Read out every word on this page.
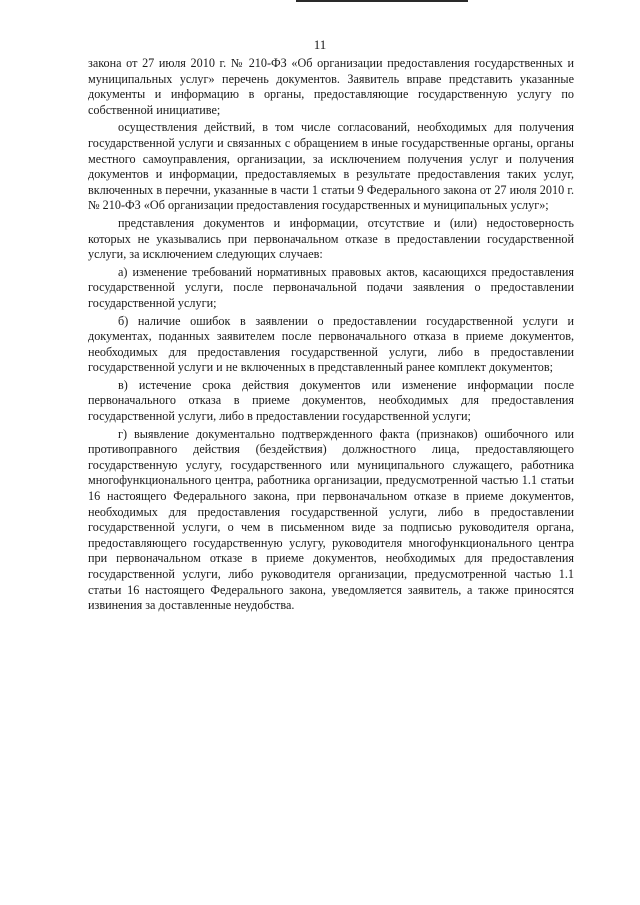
11

закона от 27 июля 2010 г. № 210-ФЗ «Об организации предоставления государственных и муниципальных услуг» перечень документов. Заявитель вправе представить указанные документы и информацию в органы, предоставляющие государственную услугу по собственной инициативе;

осуществления действий, в том числе согласований, необходимых для получения государственной услуги и связанных с обращением в иные государственные органы, органы местного самоуправления, организации, за исключением получения услуг и получения документов и информации, предоставляемых в результате предоставления таких услуг, включенных в перечни, указанные в части 1 статьи 9 Федерального закона от 27 июля 2010 г. № 210-ФЗ «Об организации предоставления государственных и муниципальных услуг»;

представления документов и информации, отсутствие и (или) недостоверность которых не указывались при первоначальном отказе в предоставлении государственной услуги, за исключением следующих случаев:

а) изменение требований нормативных правовых актов, касающихся предоставления государственной услуги, после первоначальной подачи заявления о предоставлении государственной услуги;

б) наличие ошибок в заявлении о предоставлении государственной услуги и документах, поданных заявителем после первоначального отказа в приеме документов, необходимых для предоставления государственной услуги, либо в предоставлении государственной услуги и не включенных в представленный ранее комплект документов;

в) истечение срока действия документов или изменение информации после первоначального отказа в приеме документов, необходимых для предоставления государственной услуги, либо в предоставлении государственной услуги;

г) выявление документально подтвержденного факта (признаков) ошибочного или противоправного действия (бездействия) должностного лица, предоставляющего государственную услугу, государственного или муниципального служащего, работника многофункционального центра, работника организации, предусмотренной частью 1.1 статьи 16 настоящего Федерального закона, при первоначальном отказе в приеме документов, необходимых для предоставления государственной услуги, либо в предоставлении государственной услуги, о чем в письменном виде за подписью руководителя органа, предоставляющего государственную услугу, руководителя многофункционального центра при первоначальном отказе в приеме документов, необходимых для предоставления государственной услуги, либо руководителя организации, предусмотренной частью 1.1 статьи 16 настоящего Федерального закона, уведомляется заявитель, а также приносятся извинения за доставленные неудобства.
